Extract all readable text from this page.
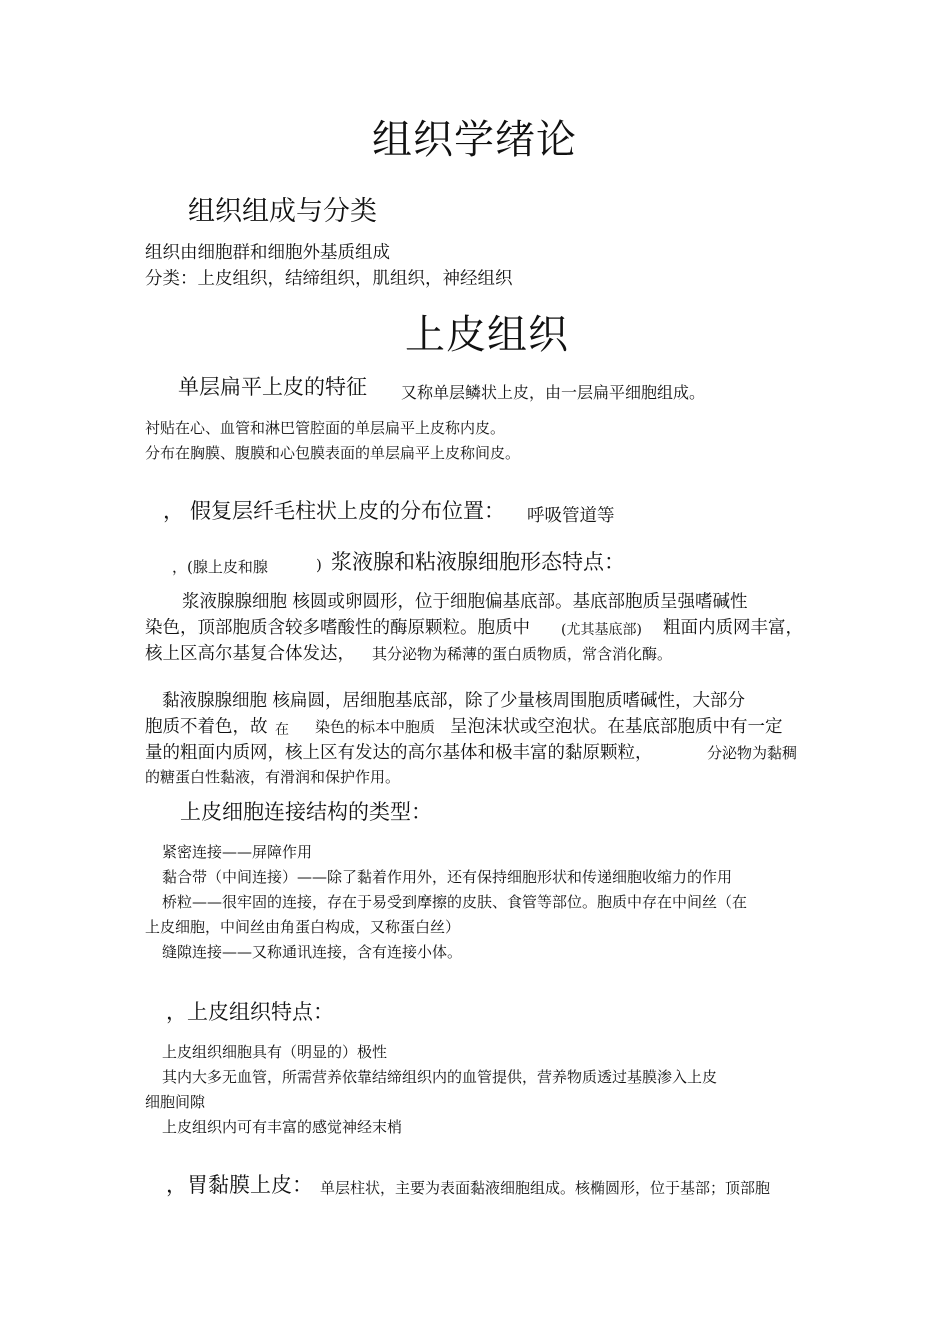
组织学绪论
组织组成与分类
组织由细胞群和细胞外基质组成
分类：上皮组织，结缔组织，肌组织，神经组织
上皮组织
单层扁平上皮的特征 又称单层鳞状上皮，由一层扁平细胞组成。
衬贴在心、血管和淋巴管腔面的单层扁平上皮称内皮。
分布在胸膜、腹膜和心包膜表面的单层扁平上皮称间皮。
， 假复层纤毛柱状上皮的分布位置： 呼吸管道等
，(腺上皮和腺	) 浆液腺和粘液腺细胞形态特点：
浆液腺腺细胞 核圆或卵圆形，位于细胞偏基底部。基底部胞质呈强嗜碱性
染色，顶部胞质含较多嗜酸性的酶原颗粒。胞质中 (尤其基底部) 粗面内质网丰富，
核上区高尔基复合体发达， 其分泌物为稀薄的蛋白质物质，常含消化酶。
黏液腺腺细胞 核扁圆，居细胞基底部，除了少量核周围胞质嗜碱性，大部分
胞质不着色，故 在 染色的标本中胞质 呈泡沫状或空泡状。在基底部胞质中有一定
量的粗面内质网，核上区有发达的高尔基体和极丰富的黏原颗粒，	分泌物为黏稠
的糖蛋白性黏液，有滑润和保护作用。
上皮细胞连接结构的类型：
紧密连接——屏障作用
黏合带（中间连接）——除了黏着作用外，还有保持细胞形状和传递细胞收缩力的作用
桥粒——很牢固的连接，存在于易受到摩擦的皮肤、食管等部位。胞质中存在中间丝（在
上皮细胞，中间丝由角蛋白构成，又称蛋白丝）
缝隙连接——又称通讯连接，含有连接小体。
，上皮组织特点：
上皮组织细胞具有（明显的）极性
其内大多无血管，所需营养依靠结缔组织内的血管提供，营养物质透过基膜渗入上皮
细胞间隙
上皮组织内可有丰富的感觉神经末梢
，胃黏膜上皮： 单层柱状，主要为表面黏液细胞组成。核椭圆形，位于基部；顶部胞
